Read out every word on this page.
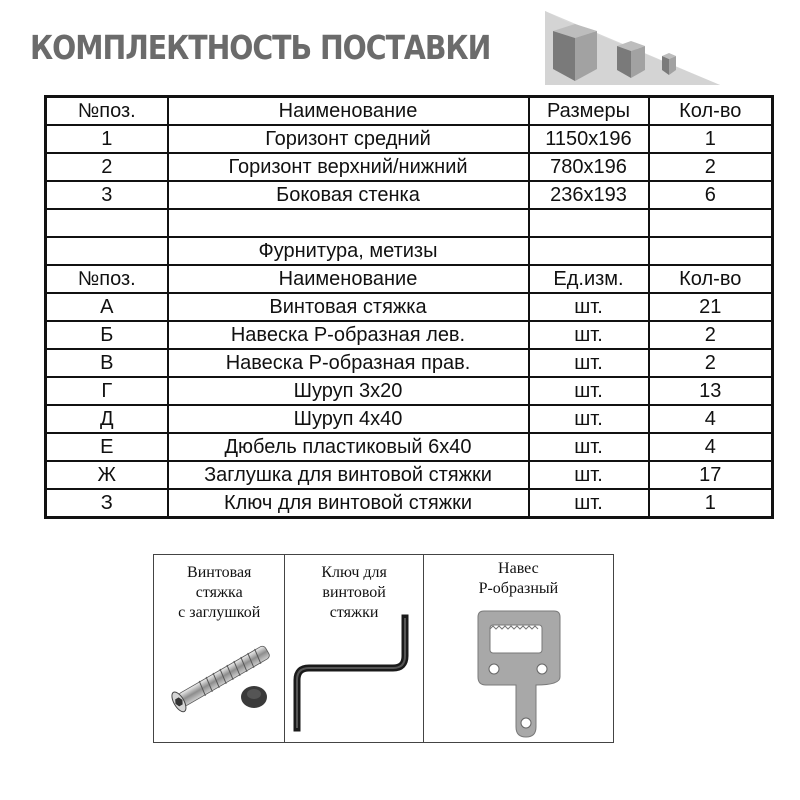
КОМПЛЕКТНОСТЬ ПОСТАВКИ
№поз.	Наименование	Размеры	Кол-во
1	Горизонт средний	1150x196	1
2	Горизонт верхний/нижний	780x196	2
3	Боковая стенка	236x193	6

	Фурнитура, метизы		
№поз.	Наименование	Ед.изм.	Кол-во
А	Винтовая стяжка	шт.	21
Б	Навеска Р-образная лев.	шт.	2
В	Навеска Р-образная прав.	шт.	2
Г	Шуруп 3х20	шт.	13
Д	Шуруп 4х40	шт.	4
Е	Дюбель пластиковый 6х40	шт.	4
Ж	Заглушка для винтовой стяжки	шт.	17
З	Ключ для винтовой стяжки	шт.	1
Винтовая
стяжка
с заглушкой
Ключ для
винтовой
стяжки
Навес
Р-образный
